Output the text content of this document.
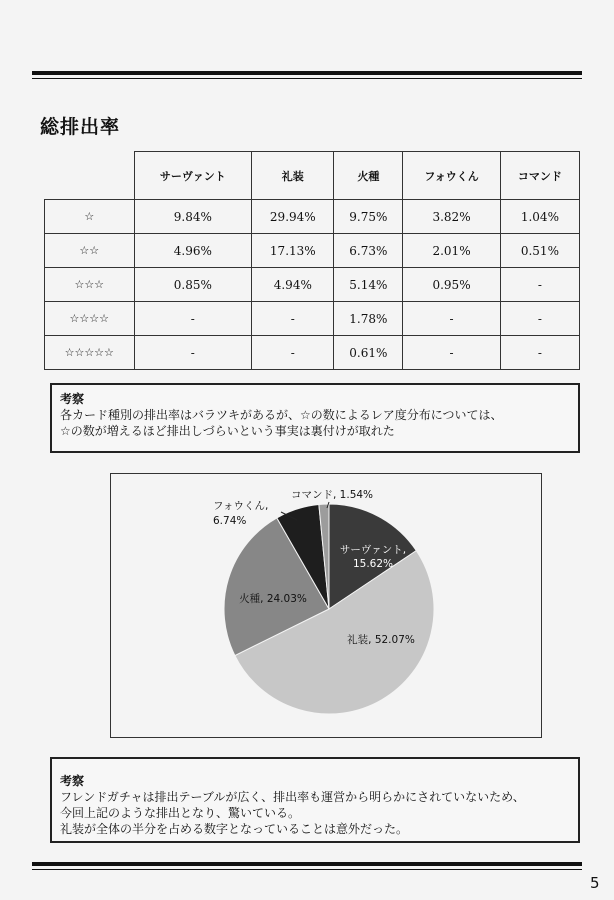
総排出率
	サーヴァント	礼装	火種	フォウくん	コマンド
☆	9.84%	29.94%	9.75%	3.82%	1.04%
☆☆	4.96%	17.13%	6.73%	2.01%	0.51%
☆☆☆	0.85%	4.94%	5.14%	0.95%	-
☆☆☆☆	-	-	1.78%	-	-
☆☆☆☆☆	-	-	0.61%	-	-
考察
各カード種別の排出率はバラツキがあるが、☆の数によるレア度分布については、
☆の数が増えるほど排出しづらいという事実は裏付けが取れた
サーヴァント, 15.62%
礼装, 52.07%
火種, 24.03%
フォウくん, 6.74%
コマンド, 1.54%
考察
フレンドガチャは排出テーブルが広く、排出率も運営から明らかにされていないため、
今回上記のような排出となり、驚いている。
礼装が全体の半分を占める数字となっていることは意外だった。
5
